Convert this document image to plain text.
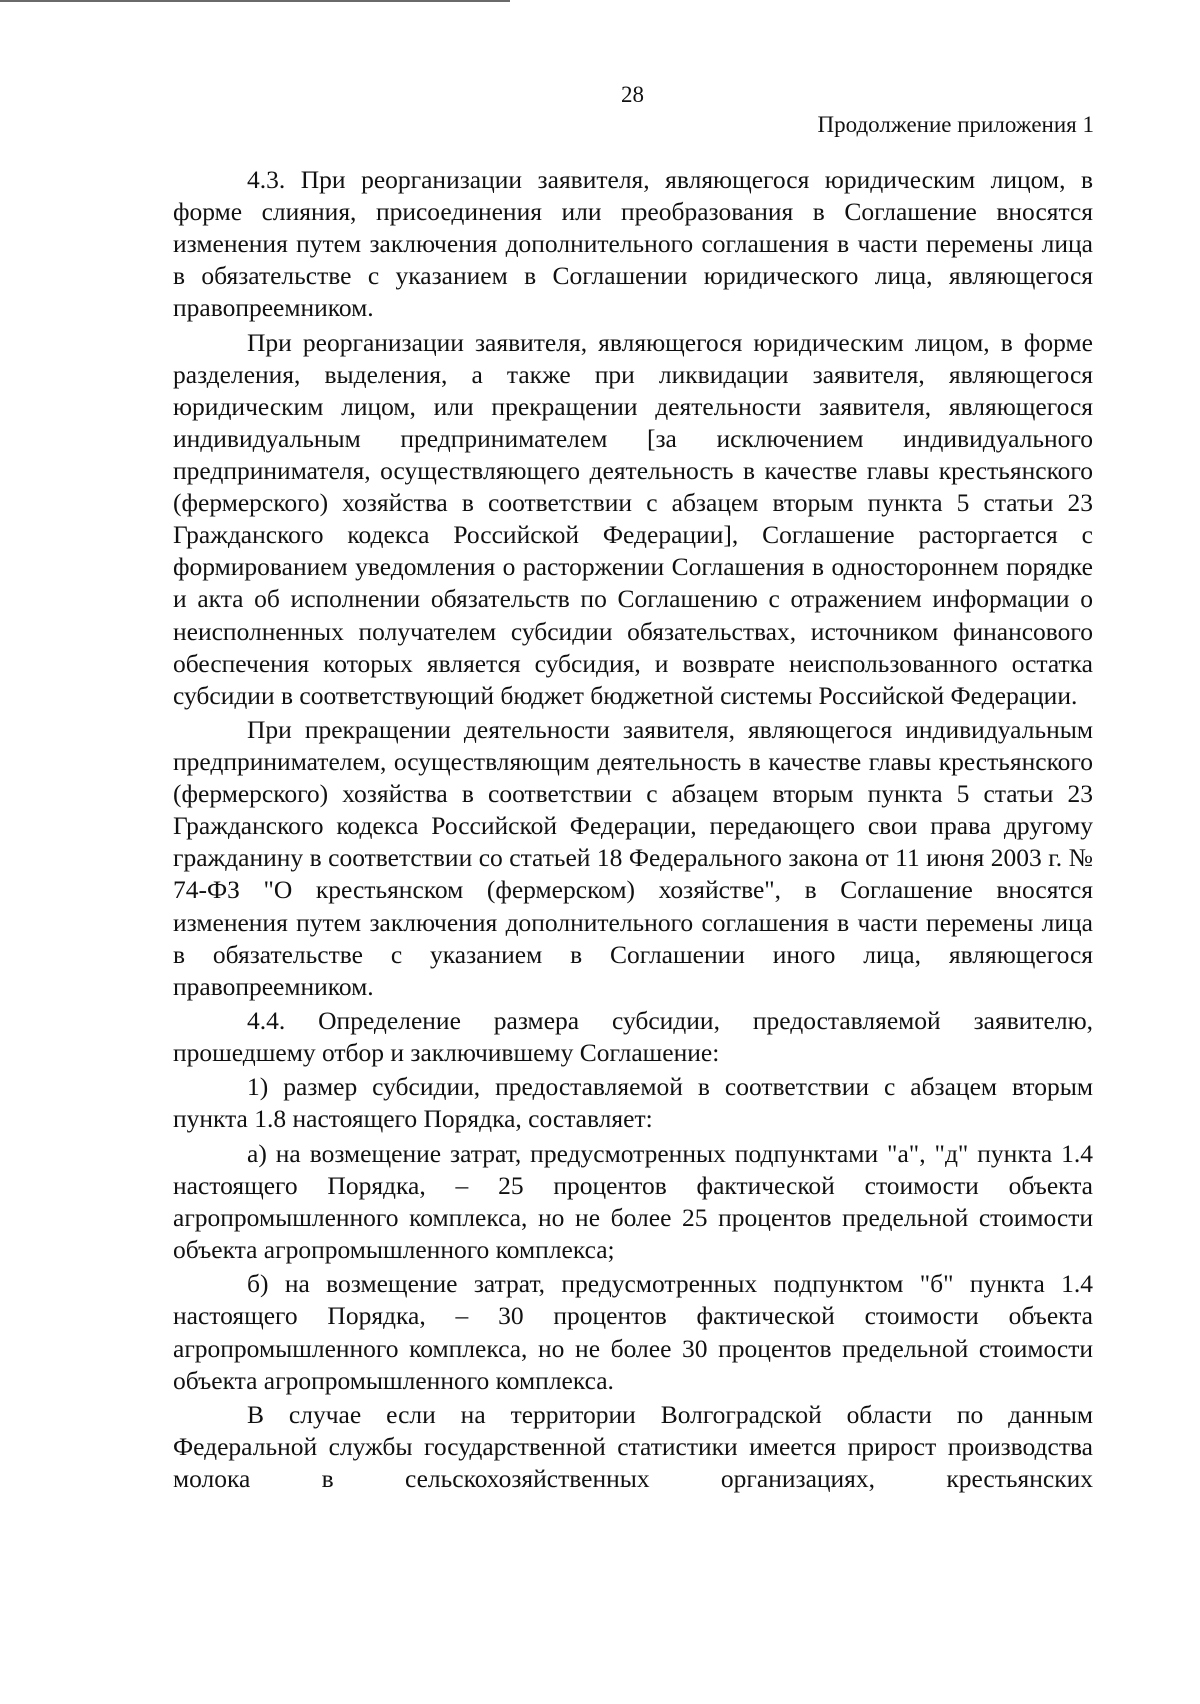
28
Продолжение приложения 1

4.3. При реорганизации заявителя, являющегося юридическим лицом, в форме слияния, присоединения или преобразования в Соглашение вносятся изменения путем заключения дополнительного соглашения в части перемены лица в обязательстве с указанием в Соглашении юридического лица, являющегося правопреемником.

При реорганизации заявителя, являющегося юридическим лицом, в форме разделения, выделения, а также при ликвидации заявителя, являющегося юридическим лицом, или прекращении деятельности заявителя, являющегося индивидуальным предпринимателем [за исключением индивидуального предпринимателя, осуществляющего деятельность в качестве главы крестьянского (фермерского) хозяйства в соответствии с абзацем вторым пункта 5 статьи 23 Гражданского кодекса Российской Федерации], Соглашение расторгается с формированием уведомления о расторжении Соглашения в одностороннем порядке и акта об исполнении обязательств по Соглашению с отражением информации о неисполненных получателем субсидии обязательствах, источником финансового обеспечения которых является субсидия, и возврате неиспользованного остатка субсидии в соответствующий бюджет бюджетной системы Российской Федерации.

При прекращении деятельности заявителя, являющегося индивидуальным предпринимателем, осуществляющим деятельность в качестве главы крестьянского (фермерского) хозяйства в соответствии с абзацем вторым пункта 5 статьи 23 Гражданского кодекса Российской Федерации, передающего свои права другому гражданину в соответствии со статьей 18 Федерального закона от 11 июня 2003 г. № 74-ФЗ "О крестьянском (фермерском) хозяйстве", в Соглашение вносятся изменения путем заключения дополнительного соглашения в части перемены лица в обязательстве с указанием в Соглашении иного лица, являющегося правопреемником.

4.4. Определение размера субсидии, предоставляемой заявителю, прошедшему отбор и заключившему Соглашение:

1) размер субсидии, предоставляемой в соответствии с абзацем вторым пункта 1.8 настоящего Порядка, составляет:

а) на возмещение затрат, предусмотренных подпунктами "а", "д" пункта 1.4 настоящего Порядка, – 25 процентов фактической стоимости объекта агропромышленного комплекса, но не более 25 процентов предельной стоимости объекта агропромышленного комплекса;

б) на возмещение затрат, предусмотренных подпунктом "б" пункта 1.4 настоящего Порядка, – 30 процентов фактической стоимости объекта агропромышленного комплекса, но не более 30 процентов предельной стоимости объекта агропромышленного комплекса.

В случае если на территории Волгоградской области по данным Федеральной службы государственной статистики имеется прирост производства молока в сельскохозяйственных организациях, крестьянских
